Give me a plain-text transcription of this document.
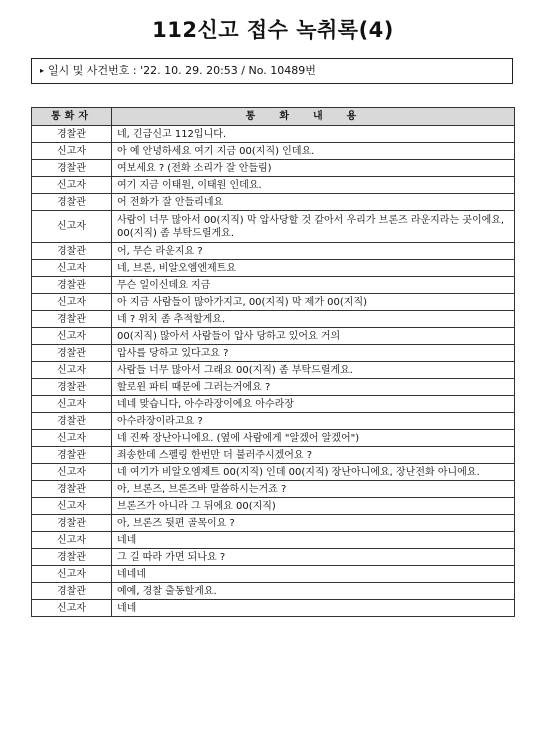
112신고 접수 녹취록(4)
▸ 일시 및 사건번호 : '22. 10. 29. 20:53 / No. 10489번
통화자	통화내용
경찰관	네, 긴급신고 112입니다.
신고자	아 예 안녕하세요 여기 지금 00(지직) 인데요.
경찰관	여보세요 ? (전화 소리가 잘 안들림)
신고자	여기 지금 이태원, 이태원 인데요.
경찰관	어 전화가 잘 안들리네요
신고자	사람이 너무 많아서 00(지직) 막 압사당할 것 같아서 우리가 브론즈 라운지라는 곳이에요, 00(지직) 좀 부탁드릴게요.
경찰관	어, 무슨 라운지요 ?
신고자	네, 브론, 비알오엠엔제트요
경찰관	무슨 일이신데요 지금
신고자	아 지금 사람들이 많아가지고, 00(지직) 막 제가 00(지직)
경찰관	네 ? 위치 좀 추적할게요.
신고자	00(지직) 많아서 사람들이 압사 당하고 있어요 거의
경찰관	압사를 당하고 있다고요 ?
신고자	사람들 너무 많아서 그래요 00(지직) 좀 부탁드릴게요.
경찰관	할로윈 파티 때문에 그러는거에요 ?
신고자	네네 맞습니다, 아수라장이에요 아수라장
경찰관	아수라장이라고요 ?
신고자	네 진짜 장난아니에요. (옆에 사람에게 "알겠어 알겠어")
경찰관	죄송한데 스펠링 한번만 더 불러주시겠어요 ?
신고자	네 여기가 비알오엠제트 00(지직) 인데 00(지직) 장난아니에요, 장난전화 아니에요.
경찰관	아, 브론즈, 브론즈바 말씀하시는거죠 ?
신고자	브론즈가 아니라 그 뒤에요 00(지직)
경찰관	아, 브론즈 뒷편 골목이요 ?
신고자	네네
경찰관	그 길 따라 가면 되나요 ?
신고자	네네네
경찰관	예예, 경찰 출동할게요.
신고자	네네
